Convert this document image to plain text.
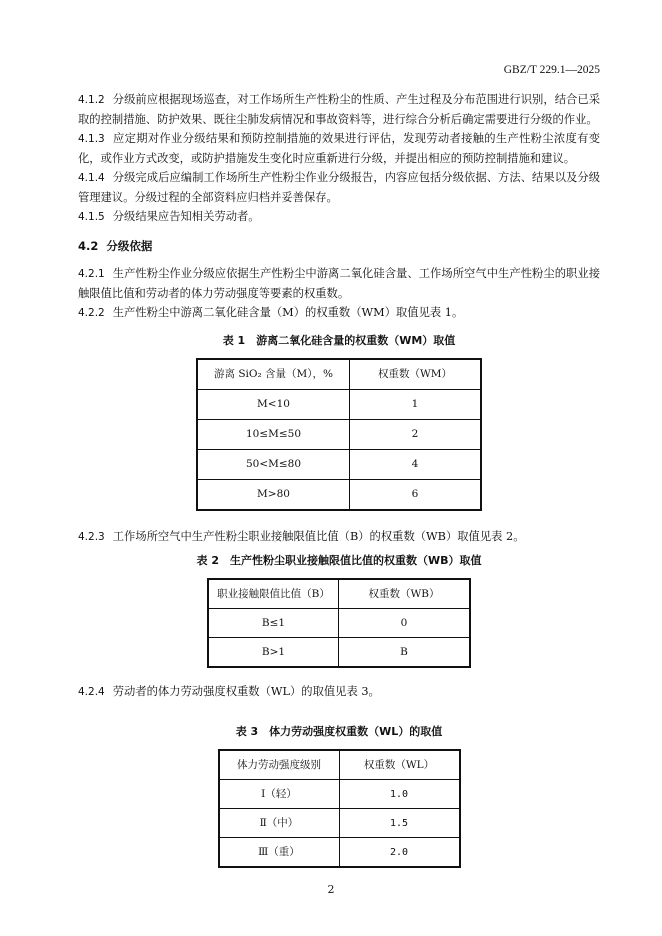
GBZ/T 229.1—2025

4.1.2 分级前应根据现场巡查，对工作场所生产性粉尘的性质、产生过程及分布范围进行识别，结合已采取的控制措施、防护效果、既往尘肺发病情况和事故资料等，进行综合分析后确定需要进行分级的作业。

4.1.3 应定期对作业分级结果和预防控制措施的效果进行评估，发现劳动者接触的生产性粉尘浓度有变化，或作业方式改变，或防护措施发生变化时应重新进行分级，并提出相应的预防控制措施和建议。

4.1.4 分级完成后应编制工作场所生产性粉尘作业分级报告，内容应包括分级依据、方法、结果以及分级管理建议。分级过程的全部资料应归档并妥善保存。

4.1.5 分级结果应告知相关劳动者。

4.2 分级依据

4.2.1 生产性粉尘作业分级应依据生产性粉尘中游离二氧化硅含量、工作场所空气中生产性粉尘的职业接触限值比值和劳动者的体力劳动强度等要素的权重数。

4.2.2 生产性粉尘中游离二氧化硅含量（M）的权重数（WM）取值见表 1。

表 1　游离二氧化硅含量的权重数（WM）取值
游离 SiO₂ 含量（M），%	权重数（WM）
M<10	1
10≤M≤50	2
50<M≤80	4
M>80	6

4.2.3 工作场所空气中生产性粉尘职业接触限值比值（B）的权重数（WB）取值见表 2。

表 2　生产性粉尘职业接触限值比值的权重数（WB）取值
职业接触限值比值（B）	权重数（WB）
B≤1	0
B>1	B

4.2.4 劳动者的体力劳动强度权重数（WL）的取值见表 3。

表 3　体力劳动强度权重数（WL）的取值
体力劳动强度级别	权重数（WL）
Ⅰ（轻）	1.0
Ⅱ（中）	1.5
Ⅲ（重）	2.0
2
